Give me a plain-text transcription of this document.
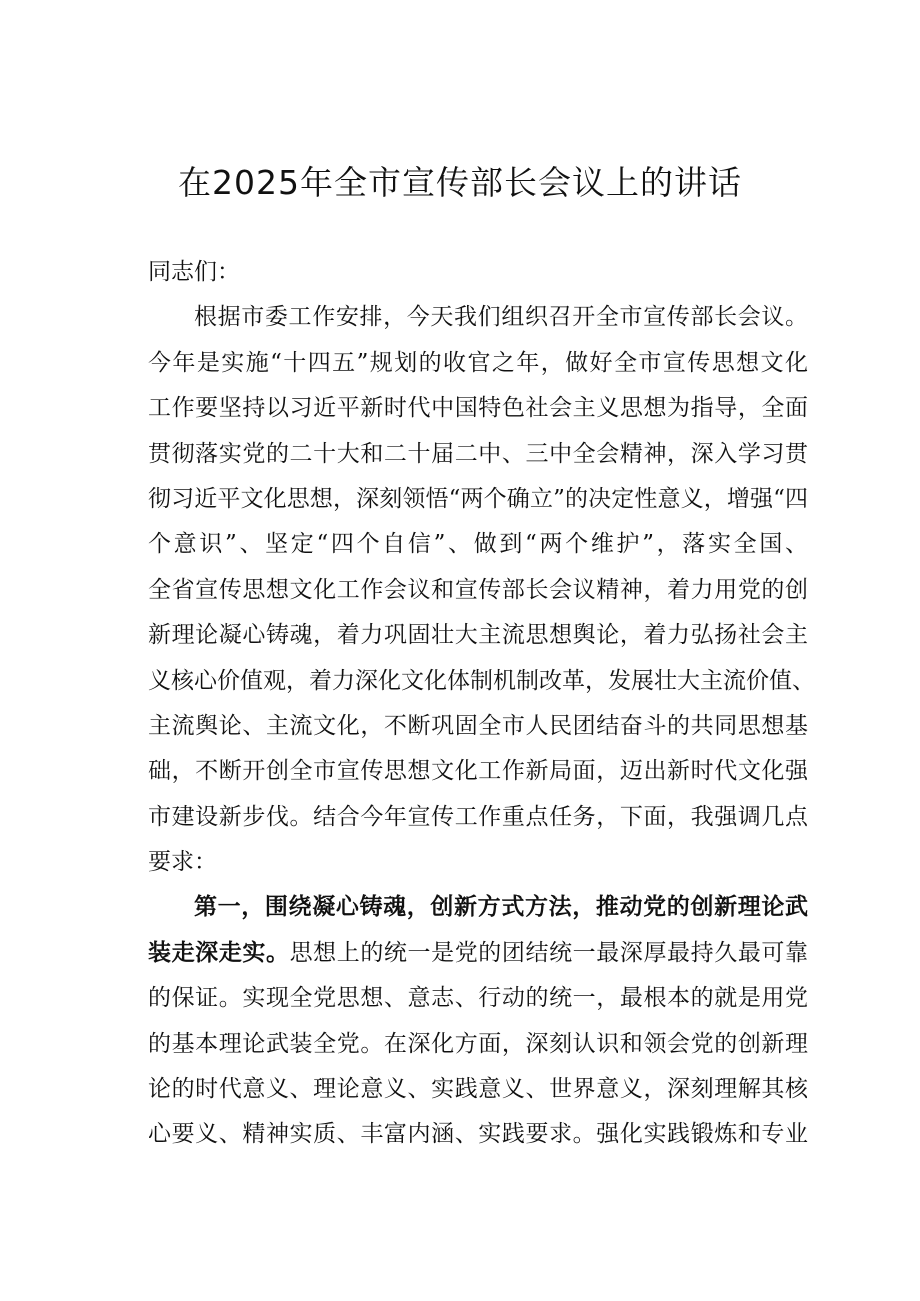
在2025年全市宣传部长会议上的讲话
同志们：
根据市委工作安排，今天我们组织召开全市宣传部长会议。
今年是实施“十四五”规划的收官之年，做好全市宣传思想文化
工作要坚持以习近平新时代中国特色社会主义思想为指导，全面
贯彻落实党的二十大和二十届二中、三中全会精神，深入学习贯
彻习近平文化思想，深刻领悟“两个确立”的决定性意义，增强“四
个意识”、坚定“四个自信”、做到“两个维护”，落实全国、
全省宣传思想文化工作会议和宣传部长会议精神，着力用党的创
新理论凝心铸魂，着力巩固壮大主流思想舆论，着力弘扬社会主
义核心价值观，着力深化文化体制机制改革，发展壮大主流价值、
主流舆论、主流文化，不断巩固全市人民团结奋斗的共同思想基
础，不断开创全市宣传思想文化工作新局面，迈出新时代文化强
市建设新步伐。结合今年宣传工作重点任务，下面，我强调几点
要求：
第一，围绕凝心铸魂，创新方式方法，推动党的创新理论武
装走深走实。思想上的统一是党的团结统一最深厚最持久最可靠
的保证。实现全党思想、意志、行动的统一，最根本的就是用党
的基本理论武装全党。在深化方面，深刻认识和领会党的创新理
论的时代意义、理论意义、实践意义、世界意义，深刻理解其核
心要义、精神实质、丰富内涵、实践要求。强化实践锻炼和专业
